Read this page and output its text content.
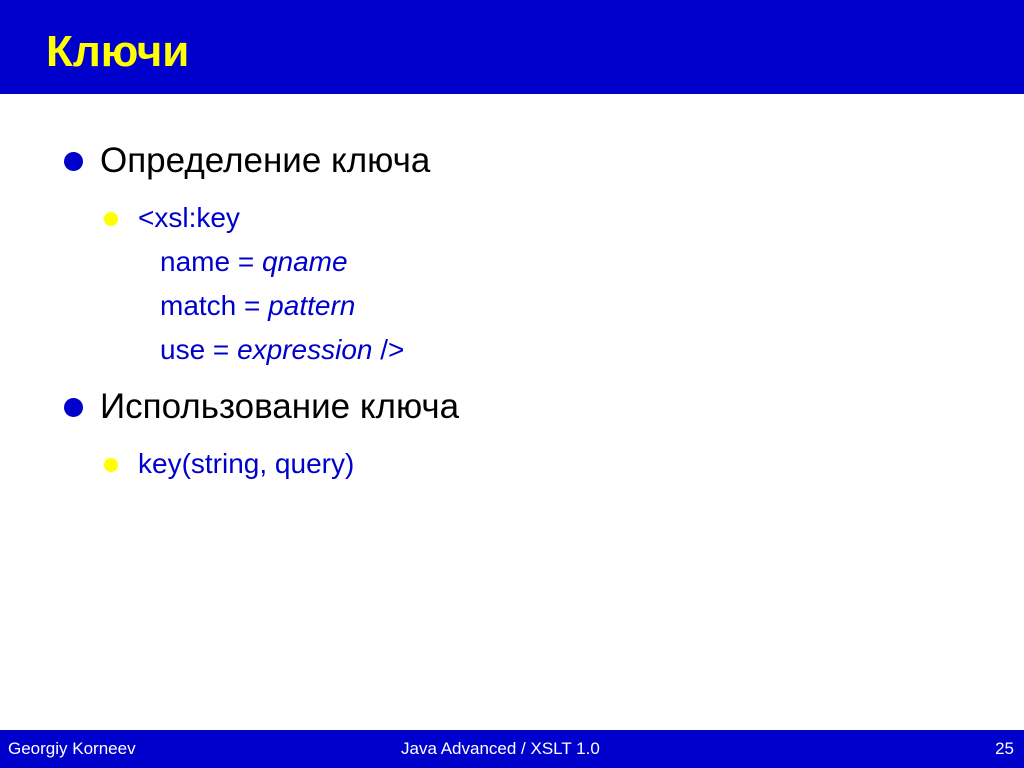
Ключи
Определение ключа
<xsl:key
name = qname
match = pattern
use = expression />
Использование ключа
key(string, query)
Georgiy Korneev	Java Advanced / XSLT 1.0	25
